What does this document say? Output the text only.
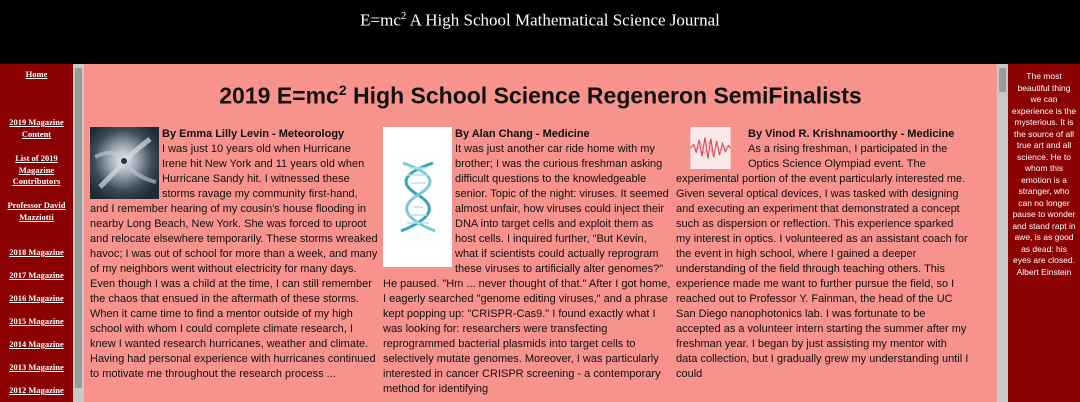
$E=mc^2$ A High School Mathematical Science Journal
Home
2019 Magazine Content
List of 2019 Magazine Contributors
Professor David Mazziotti
2018 Magazine
2017 Magazine
2016 Magazine
2015 Magazine
2014 Magazine
2013 Magazine
2012 Magazine
2019 $E=mc^2$ High School Science Regeneron SemiFinalists
By Emma Lilly Levin - Meteorology
I was just 10 years old when Hurricane Irene hit New York and 11 years old when Hurricane Sandy hit. I witnessed these storms ravage my community first-hand, and I remember hearing of my cousin's house flooding in nearby Long Beach, New York. She was forced to uproot and relocate elsewhere temporarily. These storms wreaked havoc; I was out of school for more than a week, and many of my neighbors went without electricity for many days. Even though I was a child at the time, I can still remember the chaos that ensued in the aftermath of these storms. When it came time to find a mentor outside of my high school with whom I could complete climate research, I knew I wanted research hurricanes, weather and climate. Having had personal experience with hurricanes continued to motivate me throughout the research process ...
By Alan Chang - Medicine
It was just another car ride home with my brother; I was the curious freshman asking difficult questions to the knowledgeable senior. Topic of the night: viruses. It seemed almost unfair, how viruses could inject their DNA into target cells and exploit them as host cells. I inquired further, "But Kevin, what if scientists could actually reprogram these viruses to artificially alter genomes?" He paused. "Hm ... never thought of that." After I got home, I eagerly searched "genome editing viruses," and a phrase kept popping up: "CRISPR-Cas9." I found exactly what I was looking for: researchers were transfecting reprogrammed bacterial plasmids into target cells to selectively mutate genomes. Moreover, I was particularly interested in cancer CRISPR screening - a contemporary method for identifying
By Vinod R. Krishnamoorthy - Medicine
As a rising freshman, I participated in the Optics Science Olympiad event. The experimental portion of the event particularly interested me. Given several optical devices, I was tasked with designing and executing an experiment that demonstrated a concept such as dispersion or reflection. This experience sparked my interest in optics. I volunteered as an assistant coach for the event in high school, where I gained a deeper understanding of the field through teaching others. This experience made me want to further pursue the field, so I reached out to Professor Y. Fainman, the head of the UC San Diego nanophotonics lab. I was fortunate to be accepted as a volunteer intern starting the summer after my freshman year. I began by just assisting my mentor with data collection, but I gradually grew my understanding until I could
The most beautiful thing we can experience is the mysterious. It is the source of all true art and all science. He to whom this emotion is a stranger, who can no longer pause to wonder and stand rapt in awe, is as good as dead: his eyes are closed. Albert Einstein
